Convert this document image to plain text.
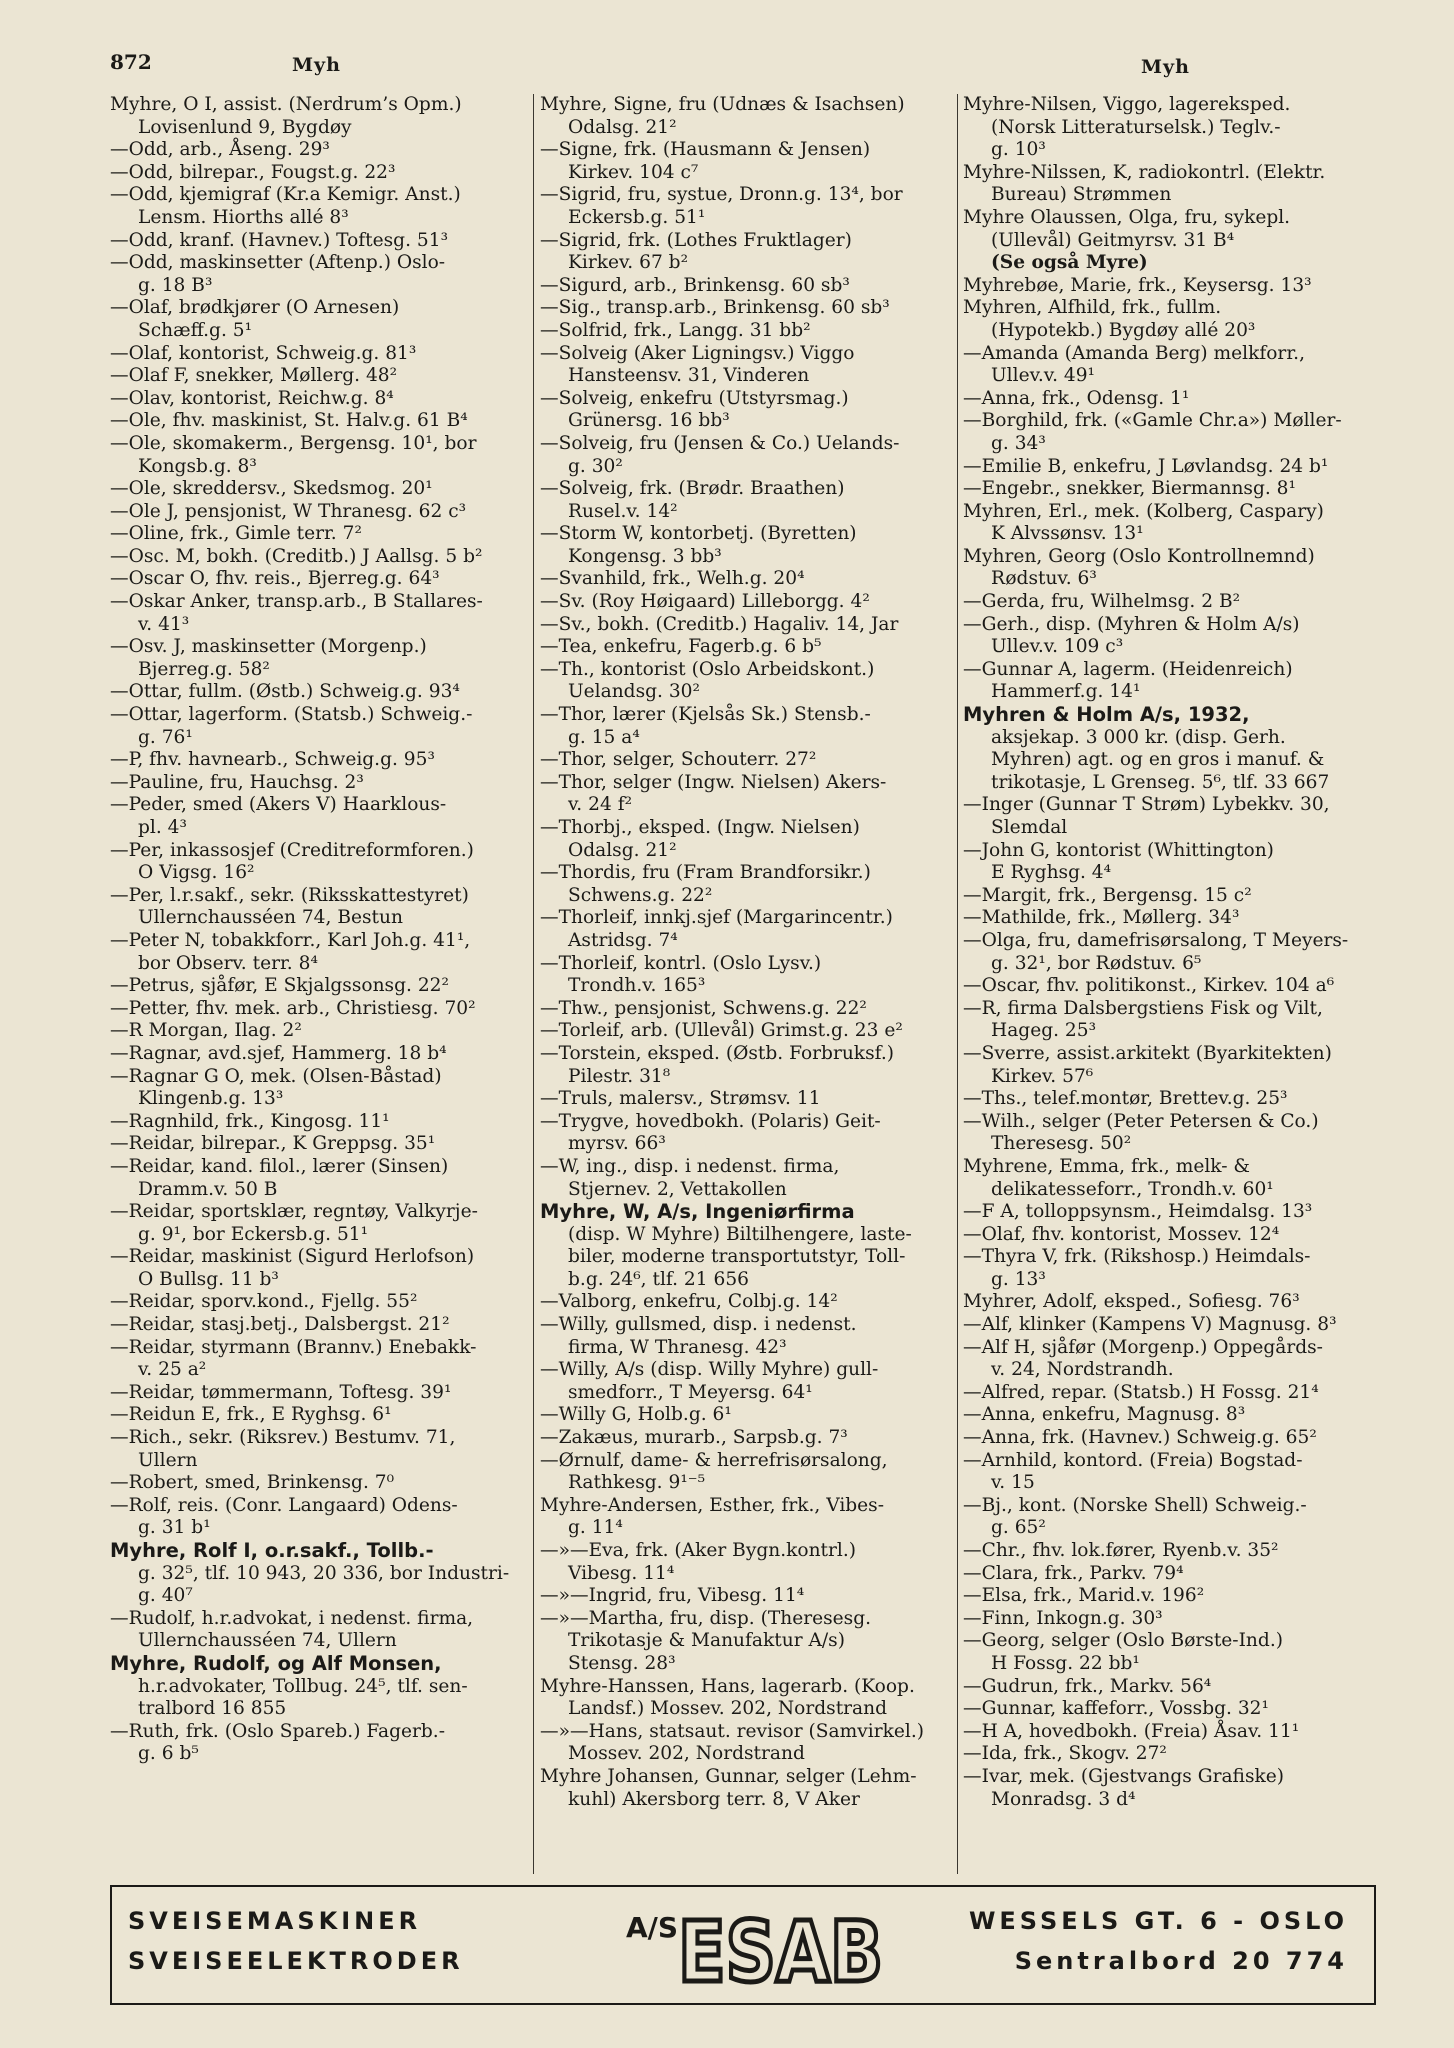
872	Myh	Myh
Myhre, O I, assist. (Nerdrum’s Opm.)
Lovisenlund 9, Bygdøy
—Odd, arb., Åseng. 29³
—Odd, bilrepar., Fougst.g. 22³
—Odd, kjemigraf (Kr.a Kemigr. Anst.)
Lensm. Hiorths allé 8³
—Odd, kranf. (Havnev.) Toftesg. 51³
—Odd, maskinsetter (Aftenp.) Oslo-
g. 18 B³
—Olaf, brødkjører (O Arnesen)
Schæff.g. 5¹
—Olaf, kontorist, Schweig.g. 81³
—Olaf F, snekker, Møllerg. 48²
—Olav, kontorist, Reichw.g. 8⁴
—Ole, fhv. maskinist, St. Halv.g. 61 B⁴
—Ole, skomakerm., Bergensg. 10¹, bor
Kongsb.g. 8³
—Ole, skreddersv., Skedsmog. 20¹
—Ole J, pensjonist, W Thranesg. 62 c³
—Oline, frk., Gimle terr. 7²
—Osc. M, bokh. (Creditb.) J Aallsg. 5 b²
—Oscar O, fhv. reis., Bjerreg.g. 64³
—Oskar Anker, transp.arb., B Stallares-
v. 41³
—Osv. J, maskinsetter (Morgenp.)
Bjerreg.g. 58²
—Ottar, fullm. (Østb.) Schweig.g. 93⁴
—Ottar, lagerform. (Statsb.) Schweig.-
g. 76¹
—P, fhv. havnearb., Schweig.g. 95³
—Pauline, fru, Hauchsg. 2³
—Peder, smed (Akers V) Haarklous-
pl. 4³
—Per, inkassosjef (Creditreformforen.)
O Vigsg. 16²
—Per, l.r.sakf., sekr. (Riksskattestyret)
Ullernchausséen 74, Bestun
—Peter N, tobakkforr., Karl Joh.g. 41¹,
bor Observ. terr. 8⁴
—Petrus, sjåfør, E Skjalgssonsg. 22²
—Petter, fhv. mek. arb., Christiesg. 70²
—R Morgan, Ilag. 2²
—Ragnar, avd.sjef, Hammerg. 18 b⁴
—Ragnar G O, mek. (Olsen-Båstad)
Klingenb.g. 13³
—Ragnhild, frk., Kingosg. 11¹
—Reidar, bilrepar., K Greppsg. 35¹
—Reidar, kand. filol., lærer (Sinsen)
Dramm.v. 50 B
—Reidar, sportsklær, regntøy, Valkyrje-
g. 9¹, bor Eckersb.g. 51¹
—Reidar, maskinist (Sigurd Herlofson)
O Bullsg. 11 b³
—Reidar, sporv.kond., Fjellg. 55²
—Reidar, stasj.betj., Dalsbergst. 21²
—Reidar, styrmann (Brannv.) Enebakk-
v. 25 a²
—Reidar, tømmermann, Toftesg. 39¹
—Reidun E, frk., E Ryghsg. 6¹
—Rich., sekr. (Riksrev.) Bestumv. 71,
Ullern
—Robert, smed, Brinkensg. 7⁰
—Rolf, reis. (Conr. Langaard) Odens-
g. 31 b¹
Myhre, Rolf I, o.r.sakf., Tollb.-
g. 32⁵, tlf. 10 943, 20 336, bor Industri-
g. 40⁷
—Rudolf, h.r.advokat, i nedenst. firma,
Ullernchausséen 74, Ullern
Myhre, Rudolf, og Alf Monsen,
h.r.advokater, Tollbug. 24⁵, tlf. sen-
tralbord 16 855
—Ruth, frk. (Oslo Spareb.) Fagerb.-
g. 6 b⁵
Myhre, Signe, fru (Udnæs & Isachsen)
Odalsg. 21²
—Signe, frk. (Hausmann & Jensen)
Kirkev. 104 c⁷
—Sigrid, fru, systue, Dronn.g. 13⁴, bor
Eckersb.g. 51¹
—Sigrid, frk. (Lothes Fruktlager)
Kirkev. 67 b²
—Sigurd, arb., Brinkensg. 60 sb³
—Sig., transp.arb., Brinkensg. 60 sb³
—Solfrid, frk., Langg. 31 bb²
—Solveig (Aker Ligningsv.) Viggo
Hansteensv. 31, Vinderen
—Solveig, enkefru (Utstyrsmag.)
Grünersg. 16 bb³
—Solveig, fru (Jensen & Co.) Uelands-
g. 30²
—Solveig, frk. (Brødr. Braathen)
Rusel.v. 14²
—Storm W, kontorbetj. (Byretten)
Kongensg. 3 bb³
—Svanhild, frk., Welh.g. 20⁴
—Sv. (Roy Høigaard) Lilleborgg. 4²
—Sv., bokh. (Creditb.) Hagaliv. 14, Jar
—Tea, enkefru, Fagerb.g. 6 b⁵
—Th., kontorist (Oslo Arbeidskont.)
Uelandsg. 30²
—Thor, lærer (Kjelsås Sk.) Stensb.-
g. 15 a⁴
—Thor, selger, Schouterr. 27²
—Thor, selger (Ingw. Nielsen) Akers-
v. 24 f²
—Thorbj., eksped. (Ingw. Nielsen)
Odalsg. 21²
—Thordis, fru (Fram Brandforsikr.)
Schwens.g. 22²
—Thorleif, innkj.sjef (Margarincentr.)
Astridsg. 7⁴
—Thorleif, kontrl. (Oslo Lysv.)
Trondh.v. 165³
—Thw., pensjonist, Schwens.g. 22²
—Torleif, arb. (Ullevål) Grimst.g. 23 e²
—Torstein, eksped. (Østb. Forbruksf.)
Pilestr. 31⁸
—Truls, malersv., Strømsv. 11
—Trygve, hovedbokh. (Polaris) Geit-
myrsv. 66³
—W, ing., disp. i nedenst. firma,
Stjernev. 2, Vettakollen
Myhre, W, A/s, Ingeniørfirma
(disp. W Myhre) Biltilhengere, laste-
biler, moderne transportutstyr, Toll-
b.g. 24⁶, tlf. 21 656
—Valborg, enkefru, Colbj.g. 14²
—Willy, gullsmed, disp. i nedenst.
firma, W Thranesg. 42³
—Willy, A/s (disp. Willy Myhre) gull-
smedforr., T Meyersg. 64¹
—Willy G, Holb.g. 6¹
—Zakæus, murarb., Sarpsb.g. 7³
—Ørnulf, dame- & herrefrisørsalong,
Rathkesg. 9¹⁻⁵
Myhre-Andersen, Esther, frk., Vibes-
g. 11⁴
—»—Eva, frk. (Aker Bygn.kontrl.)
Vibesg. 11⁴
—»—Ingrid, fru, Vibesg. 11⁴
—»—Martha, fru, disp. (Theresesg.
Trikotasje & Manufaktur A/s)
Stensg. 28³
Myhre-Hanssen, Hans, lagerarb. (Koop.
Landsf.) Mossev. 202, Nordstrand
—»—Hans, statsaut. revisor (Samvirkel.)
Mossev. 202, Nordstrand
Myhre Johansen, Gunnar, selger (Lehm-
kuhl) Akersborg terr. 8, V Aker
Myhre-Nilsen, Viggo, lagereksped.
(Norsk Litteraturselsk.) Teglv.-
g. 10³
Myhre-Nilssen, K, radiokontrl. (Elektr.
Bureau) Strømmen
Myhre Olaussen, Olga, fru, sykepl.
(Ullevål) Geitmyrsv. 31 B⁴
(Se også Myre)
Myhrebøe, Marie, frk., Keysersg. 13³
Myhren, Alfhild, frk., fullm.
(Hypotekb.) Bygdøy allé 20³
—Amanda (Amanda Berg) melkforr.,
Ullev.v. 49¹
—Anna, frk., Odensg. 1¹
—Borghild, frk. («Gamle Chr.a») Møller-
g. 34³
—Emilie B, enkefru, J Løvlandsg. 24 b¹
—Engebr., snekker, Biermannsg. 8¹
Myhren, Erl., mek. (Kolberg, Caspary)
K Alvssønsv. 13¹
Myhren, Georg (Oslo Kontrollnemnd)
Rødstuv. 6³
—Gerda, fru, Wilhelmsg. 2 B²
—Gerh., disp. (Myhren & Holm A/s)
Ullev.v. 109 c³
—Gunnar A, lagerm. (Heidenreich)
Hammerf.g. 14¹
Myhren & Holm A/s, 1932,
aksjekap. 3 000 kr. (disp. Gerh.
Myhren) agt. og en gros i manuf. &
trikotasje, L Grenseg. 5⁶, tlf. 33 667
—Inger (Gunnar T Strøm) Lybekkv. 30,
Slemdal
—John G, kontorist (Whittington)
E Ryghsg. 4⁴
—Margit, frk., Bergensg. 15 c²
—Mathilde, frk., Møllerg. 34³
—Olga, fru, damefrisørsalong, T Meyers-
g. 32¹, bor Rødstuv. 6⁵
—Oscar, fhv. politikonst., Kirkev. 104 a⁶
—R, firma Dalsbergstiens Fisk og Vilt,
Hageg. 25³
—Sverre, assist.arkitekt (Byarkitekten)
Kirkev. 57⁶
—Ths., telef.montør, Brettev.g. 25³
—Wilh., selger (Peter Petersen & Co.)
Theresesg. 50²
Myhrene, Emma, frk., melk- &
delikatesseforr., Trondh.v. 60¹
—F A, tolloppsynsm., Heimdalsg. 13³
—Olaf, fhv. kontorist, Mossev. 12⁴
—Thyra V, frk. (Rikshosp.) Heimdals-
g. 13³
Myhrer, Adolf, eksped., Sofiesg. 76³
—Alf, klinker (Kampens V) Magnusg. 8³
—Alf H, sjåfør (Morgenp.) Oppegårds-
v. 24, Nordstrandh.
—Alfred, repar. (Statsb.) H Fossg. 21⁴
—Anna, enkefru, Magnusg. 8³
—Anna, frk. (Havnev.) Schweig.g. 65²
—Arnhild, kontord. (Freia) Bogstad-
v. 15
—Bj., kont. (Norske Shell) Schweig.-
g. 65²
—Chr., fhv. lok.fører, Ryenb.v. 35²
—Clara, frk., Parkv. 79⁴
—Elsa, frk., Marid.v. 196²
—Finn, Inkogn.g. 30³
—Georg, selger (Oslo Børste-Ind.)
H Fossg. 22 bb¹
—Gudrun, frk., Markv. 56⁴
—Gunnar, kaffeforr., Vossbg. 32¹
—H A, hovedbokh. (Freia) Åsav. 11¹
—Ida, frk., Skogv. 27²
—Ivar, mek. (Gjestvangs Grafiske)
Monradsg. 3 d⁴
SVEISEMASKINER
SVEISEELEKTRODER
A/S ESAB	WESSELS GT. 6 - OSLO
Sentralbord 20 774
